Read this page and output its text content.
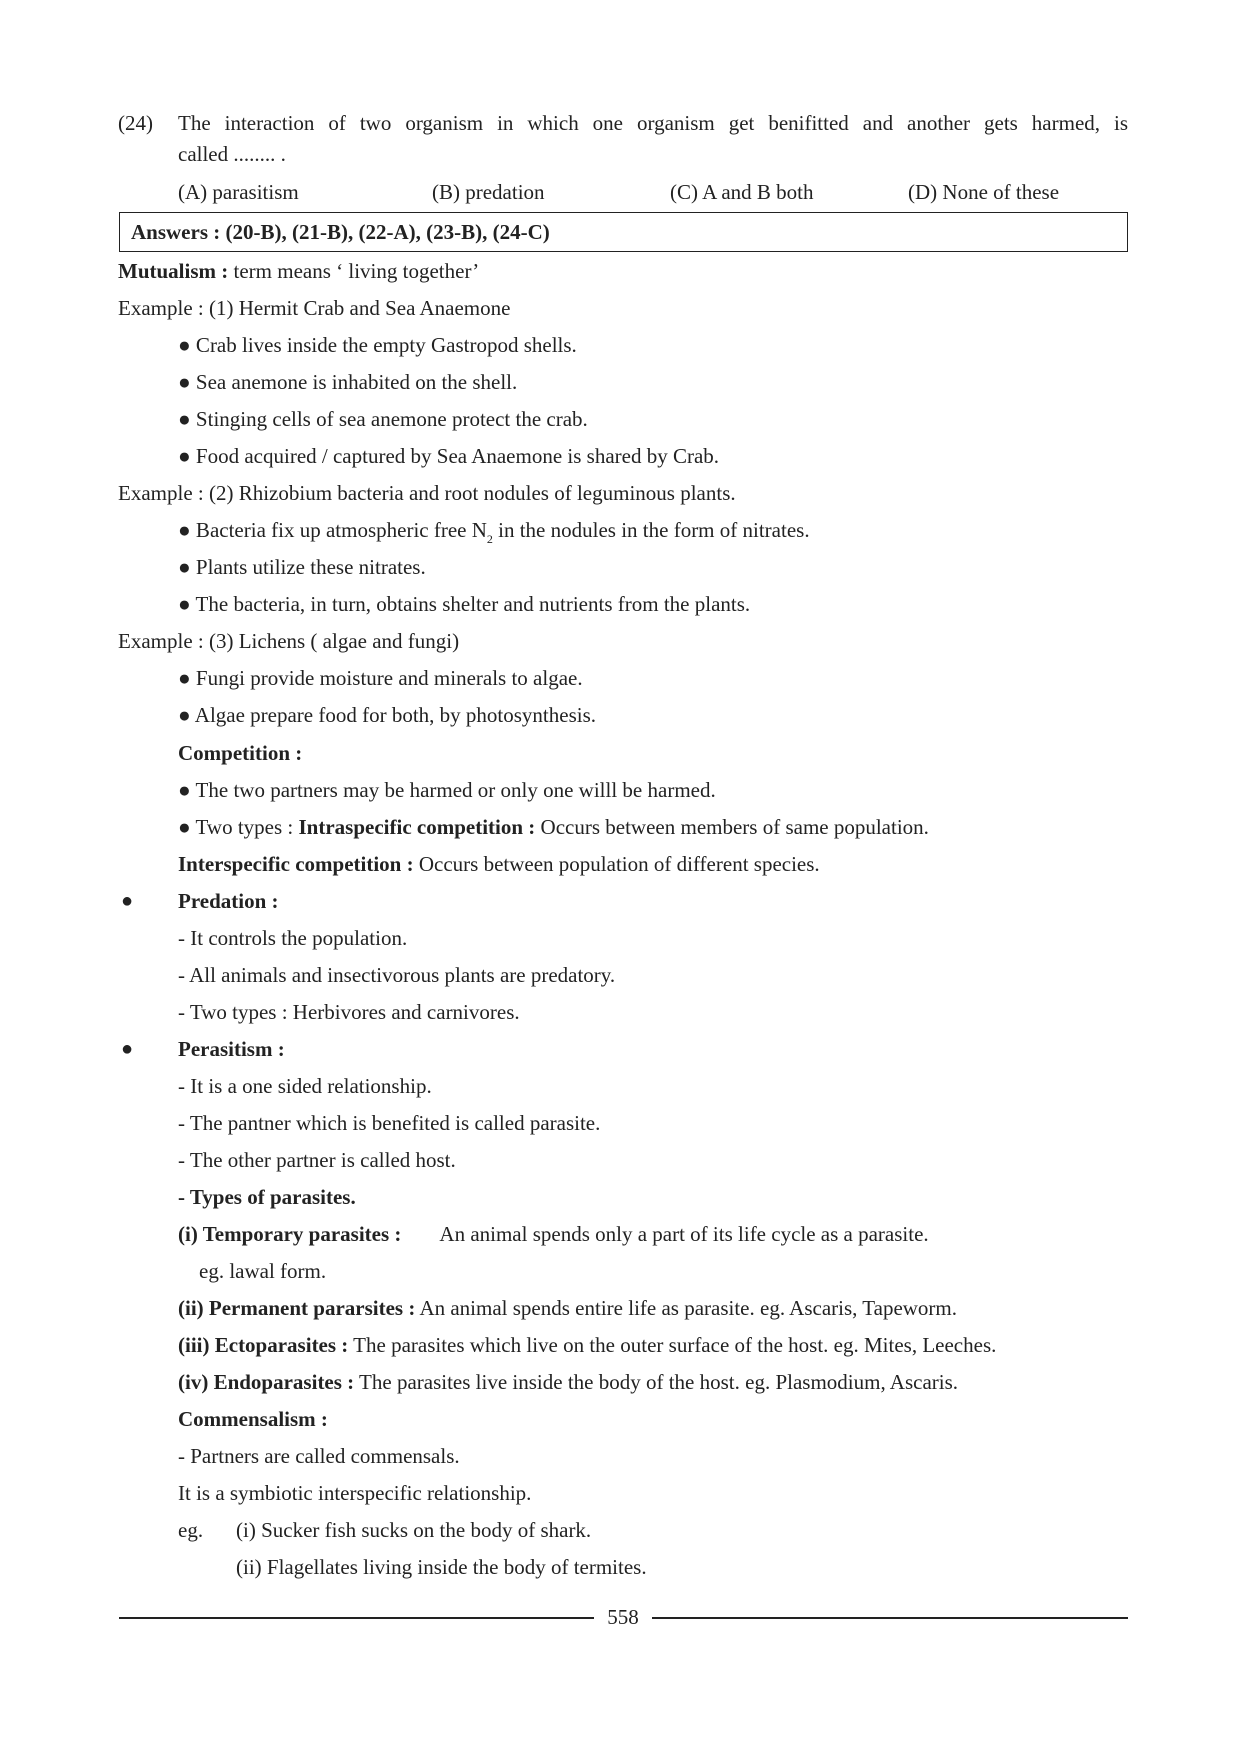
(24) The interaction of two organism in which one organism get benifitted and another gets harmed, is
called ........ .
(A) parasitism	(B) predation	(C) A and B both	(D) None of these
Answers : (20-B), (21-B), (22-A), (23-B), (24-C)
Mutualism : term means ‘ living together’
Example : (1) Hermit Crab and Sea Anaemone
● Crab lives inside the empty Gastropod shells.
● Sea anemone is inhabited on the shell.
● Stinging cells of sea anemone protect the crab.
● Food acquired / captured by Sea Anaemone is shared by Crab.
Example : (2) Rhizobium bacteria and root nodules of leguminous plants.
● Bacteria fix up atmospheric free $N_2$ in the nodules in the form of nitrates.
● Plants utilize these nitrates.
● The bacteria, in turn, obtains shelter and nutrients from the plants.
Example : (3) Lichens ( algae and fungi)
● Fungi provide moisture and minerals to algae.
● Algae prepare food for both, by photosynthesis.
Competition :
● The two partners may be harmed or only one willl be harmed.
● Two types : Intraspecific competition : Occurs between members of same population.
Interspecific competition : Occurs between population of different species.
● Predation :
- It controls the population.
- All animals and insectivorous plants are predatory.
- Two types : Herbivores and carnivores.
● Perasitism :
- It is a one sided relationship.
- The pantner which is benefited is called parasite.
- The other partner is called host.
- Types of parasites.
(i) Temporary parasites : An animal spends only a part of its life cycle as a parasite.
eg. lawal form.
(ii) Permanent pararsites : An animal spends entire life as parasite. eg. Ascaris, Tapeworm.
(iii) Ectoparasites : The parasites which live on the outer surface of the host. eg. Mites, Leeches.
(iv) Endoparasites : The parasites live inside the body of the host. eg. Plasmodium, Ascaris.
Commensalism :
- Partners are called commensals.
It is a symbiotic interspecific relationship.
eg. (i) Sucker fish sucks on the body of shark.
(ii) Flagellates living inside the body of termites.
558
